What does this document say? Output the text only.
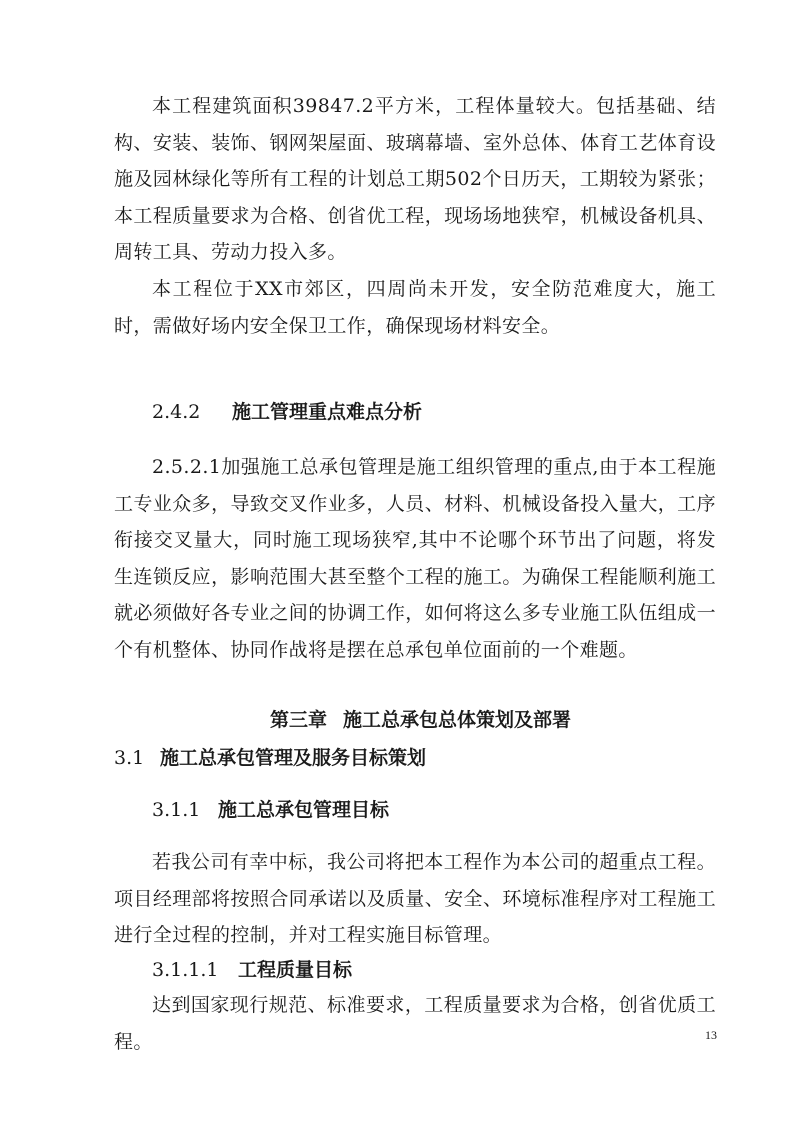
本工程建筑面积39847.2平方米，工程体量较大。包括基础、结构、安装、装饰、钢网架屋面、玻璃幕墙、室外总体、体育工艺体育设施及园林绿化等所有工程的计划总工期502个日历天，工期较为紧张；本工程质量要求为合格、创省优工程，现场场地狭窄，机械设备机具、周转工具、劳动力投入多。

本工程位于XX市郊区，四周尚未开发，安全防范难度大，施工时，需做好场内安全保卫工作，确保现场材料安全。

2.4.2 施工管理重点难点分析

2.5.2.1加强施工总承包管理是施工组织管理的重点,由于本工程施工专业众多，导致交叉作业多，人员、材料、机械设备投入量大，工序衔接交叉量大，同时施工现场狭窄,其中不论哪个环节出了问题，将发生连锁反应，影响范围大甚至整个工程的施工。为确保工程能顺利施工就必须做好各专业之间的协调工作，如何将这么多专业施工队伍组成一个有机整体、协同作战将是摆在总承包单位面前的一个难题。

第三章 施工总承包总体策划及部署
3.1 施工总承包管理及服务目标策划
3.1.1 施工总承包管理目标

若我公司有幸中标，我公司将把本工程作为本公司的超重点工程。项目经理部将按照合同承诺以及质量、安全、环境标准程序对工程施工进行全过程的控制，并对工程实施目标管理。

3.1.1.1 工程质量目标

达到国家现行规范、标准要求，工程质量要求为合格，创省优质工程。	13
